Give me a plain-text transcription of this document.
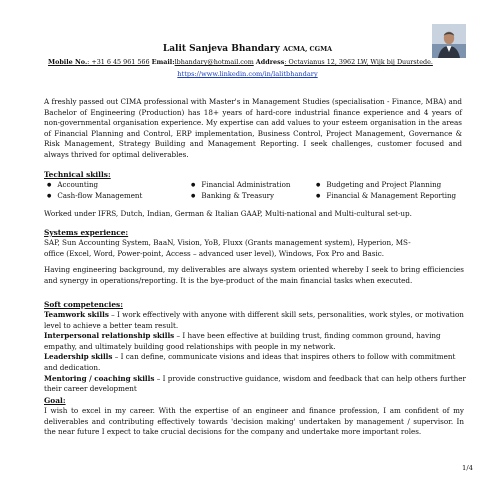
Lalit Sanjeva Bhandary ACMA, CGMA
Mobile No.: +31 6 45 961 566 Email:lbhandary@hotmail.com Address: Octavianus 12, 3962 LW, Wijk bij Duurstede.
https://www.linkedin.com/in/lalitbhandary
A freshly passed out CIMA professional with Master's in Management Studies (specialisation - Finance, MBA) and Bachelor of Engineering (Production) has 18+ years of hard-core industrial finance experience and 4 years of non-governmental organisation experience. My expertise can add values to your esteem organisation in the areas of Financial Planning and Control, ERP implementation, Business Control, Project Management, Governance & Risk Management, Strategy Building and Management Reporting. I seek challenges, customer focused and always thrived for optimal deliverables.
Technical skills:
● Accounting	● Financial Administration	● Budgeting and Project Planning
● Cash-flow Management	● Banking & Treasury	● Financial & Management Reporting
Worked under IFRS, Dutch, Indian, German & Italian GAAP, Multi-national and Multi-cultural set-up.
Systems experience:
SAP, Sun Accounting System, BaaN, Vision, YoB, Fluxx (Grants management system), Hyperion, MS-
office (Excel, Word, Power-point, Access – advanced user level), Windows, Fox Pro and Basic.
Having engineering background, my deliverables are always system oriented whereby I seek to bring efficiencies and synergy in operations/reporting. It is the bye-product of the main financial tasks when executed.
Soft competencies:
Teamwork skills – I work effectively with anyone with different skill sets, personalities, work styles, or motivation level to achieve a better team result.
Interpersonal relationship skills – I have been effective at building trust, finding common ground, having empathy, and ultimately building good relationships with people in my network.
Leadership skills – I can define, communicate visions and ideas that inspires others to follow with commitment and dedication.
Mentoring / coaching skills – I provide constructive guidance, wisdom and feedback that can help others further their career development
Goal:
I wish to excel in my career. With the expertise of an engineer and finance profession, I am confident of my deliverables and contributing effectively towards 'decision making' undertaken by management / supervisor. In the near future I expect to take crucial decisions for the company and undertake more important roles.
1/4
